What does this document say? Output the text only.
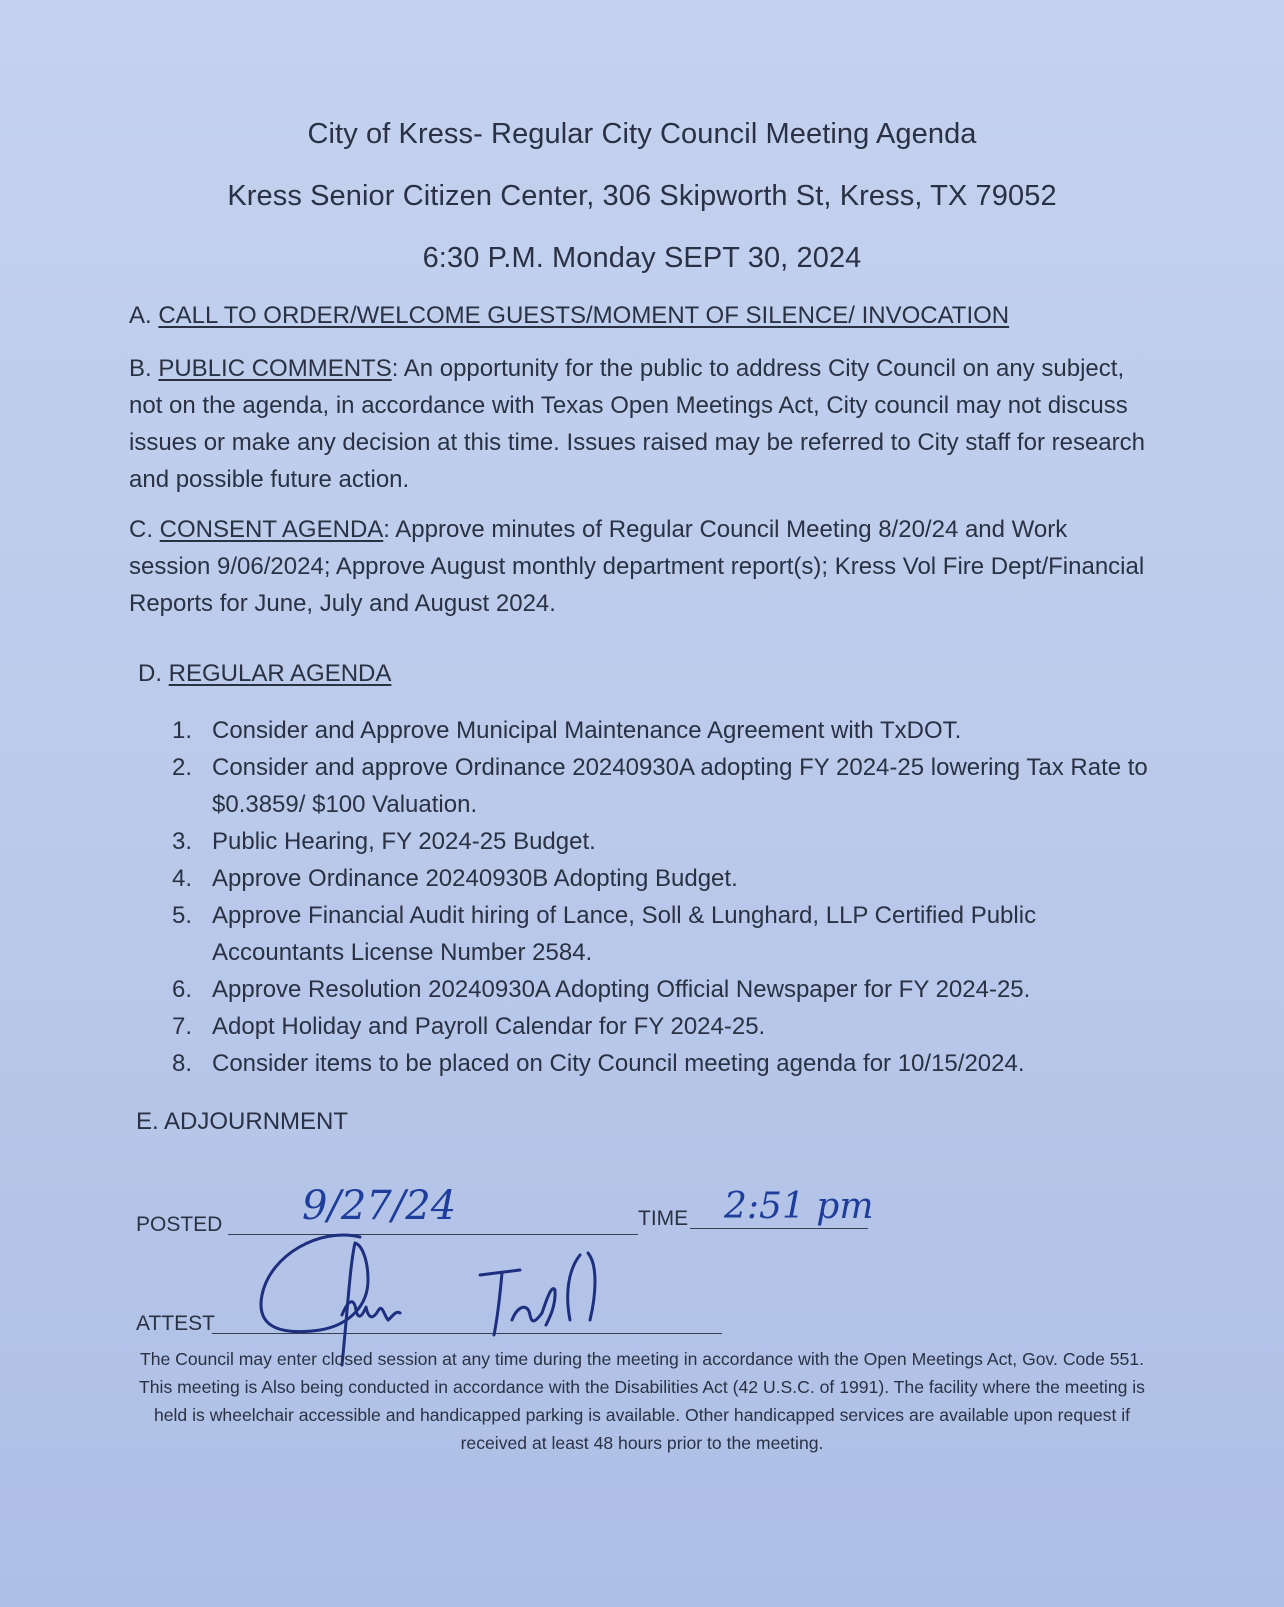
City of Kress- Regular City Council Meeting Agenda
Kress Senior Citizen Center, 306 Skipworth St, Kress, TX 79052
6:30 P.M. Monday SEPT 30, 2024
A. CALL TO ORDER/WELCOME GUESTS/MOMENT OF SILENCE/ INVOCATION
B. PUBLIC COMMENTS: An opportunity for the public to address City Council on any subject, not on the agenda, in accordance with Texas Open Meetings Act, City council may not discuss issues or make any decision at this time. Issues raised may be referred to City staff for research and possible future action.
C. CONSENT AGENDA: Approve minutes of Regular Council Meeting 8/20/24 and Work session 9/06/2024; Approve August monthly department report(s); Kress Vol Fire Dept/Financial Reports for June, July and August 2024.
D. REGULAR AGENDA
1. Consider and Approve Municipal Maintenance Agreement with TxDOT.
2. Consider and approve Ordinance 20240930A adopting FY 2024-25 lowering Tax Rate to $0.3859/ $100 Valuation.
3. Public Hearing, FY 2024-25 Budget.
4. Approve Ordinance 20240930B Adopting Budget.
5. Approve Financial Audit hiring of Lance, Soll & Lunghard, LLP Certified Public Accountants License Number 2584.
6. Approve Resolution 20240930A Adopting Official Newspaper for FY 2024-25.
7. Adopt Holiday and Payroll Calendar for FY 2024-25.
8. Consider items to be placed on City Council meeting agenda for 10/15/2024.
E. ADJOURNMENT
POSTED 9/27/24	TIME 2:51 pm
ATTEST
The Council may enter closed session at any time during the meeting in accordance with the Open Meetings Act, Gov. Code 551. This meeting is Also being conducted in accordance with the Disabilities Act (42 U.S.C. of 1991). The facility where the meeting is held is wheelchair accessible and handicapped parking is available. Other handicapped services are available upon request if received at least 48 hours prior to the meeting.
